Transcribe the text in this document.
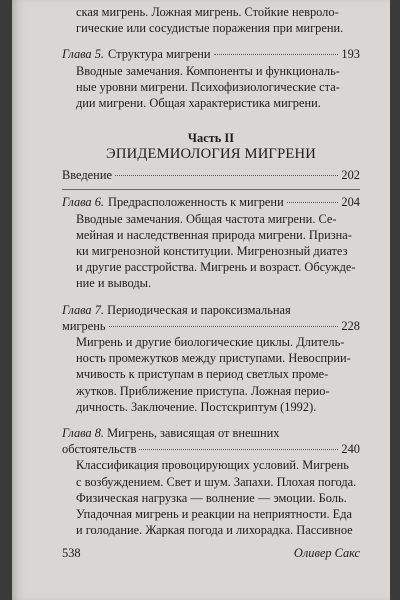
ская мигрень. Ложная мигрень. Стойкие невроло-
гические или сосудистые поражения при мигрени.
Глава 5. Структура мигрени	193
Вводные замечания. Компоненты и функциональ-
ные уровни мигрени. Психофизиологические ста-
дии мигрени. Общая характеристика мигрени.
Часть II
ЭПИДЕМИОЛОГИЯ МИГРЕНИ
Введение	202
Глава 6. Предрасположенность к мигрени	204
Вводные замечания. Общая частота мигрени. Се-
мейная и наследственная природа мигрени. Призна-
ки мигренозной конституции. Мигренозный диатез
и другие расстройства. Мигрень и возраст. Обсужде-
ние и выводы.
Глава 7. Периодическая и пароксизмальная
мигрень	228
Мигрень и другие биологические циклы. Длитель-
ность промежутков между приступами. Невосприи-
мчивость к приступам в период светлых проме-
жутков. Приближение приступа. Ложная перио-
дичность. Заключение. Постскриптум (1992).
Глава 8. Мигрень, зависящая от внешних
обстоятельств	240
Классификация провоцирующих условий. Мигрень
с возбуждением. Свет и шум. Запахи. Плохая погода.
Физическая нагрузка — волнение — эмоции. Боль.
Упадочная мигрень и реакции на неприятности. Еда
и голодание. Жаркая погода и лихорадка. Пассивное
538	Оливер Сакс
